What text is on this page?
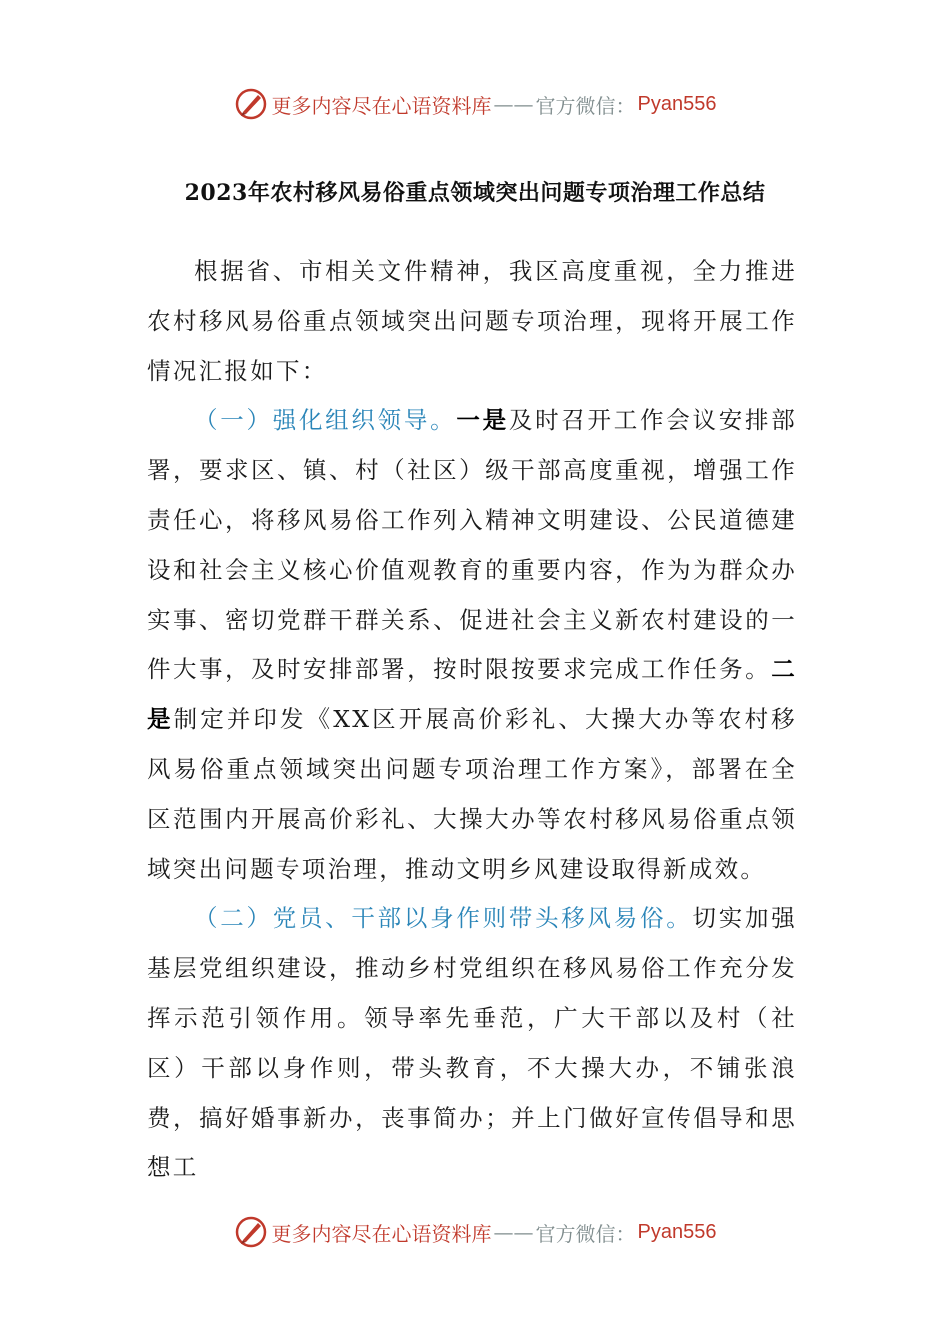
更多内容尽在心语资料库 —— 官方微信： Pyan556
2023年农村移风易俗重点领域突出问题专项治理工作总结

根据省、市相关文件精神，我区高度重视，全力推进农村移风易俗重点领域突出问题专项治理，现将开展工作情况汇报如下：

（一）强化组织领导。一是及时召开工作会议安排部署，要求区、镇、村（社区）级干部高度重视，增强工作责任心，将移风易俗工作列入精神文明建设、公民道德建设和社会主义核心价值观教育的重要内容，作为为群众办实事、密切党群干群关系、促进社会主义新农村建设的一件大事，及时安排部署，按时限按要求完成工作任务。二是制定并印发《XX区开展高价彩礼、大操大办等农村移风易俗重点领域突出问题专项治理工作方案》，部署在全区范围内开展高价彩礼、大操大办等农村移风易俗重点领域突出问题专项治理，推动文明乡风建设取得新成效。

（二）党员、干部以身作则带头移风易俗。切实加强基层党组织建设，推动乡村党组织在移风易俗工作充分发挥示范引领作用。领导率先垂范，广大干部以及村（社区）干部以身作则，带头教育，不大操大办，不铺张浪费，搞好婚事新办，丧事简办；并上门做好宣传倡导和思想工

更多内容尽在心语资料库 —— 官方微信： Pyan556
